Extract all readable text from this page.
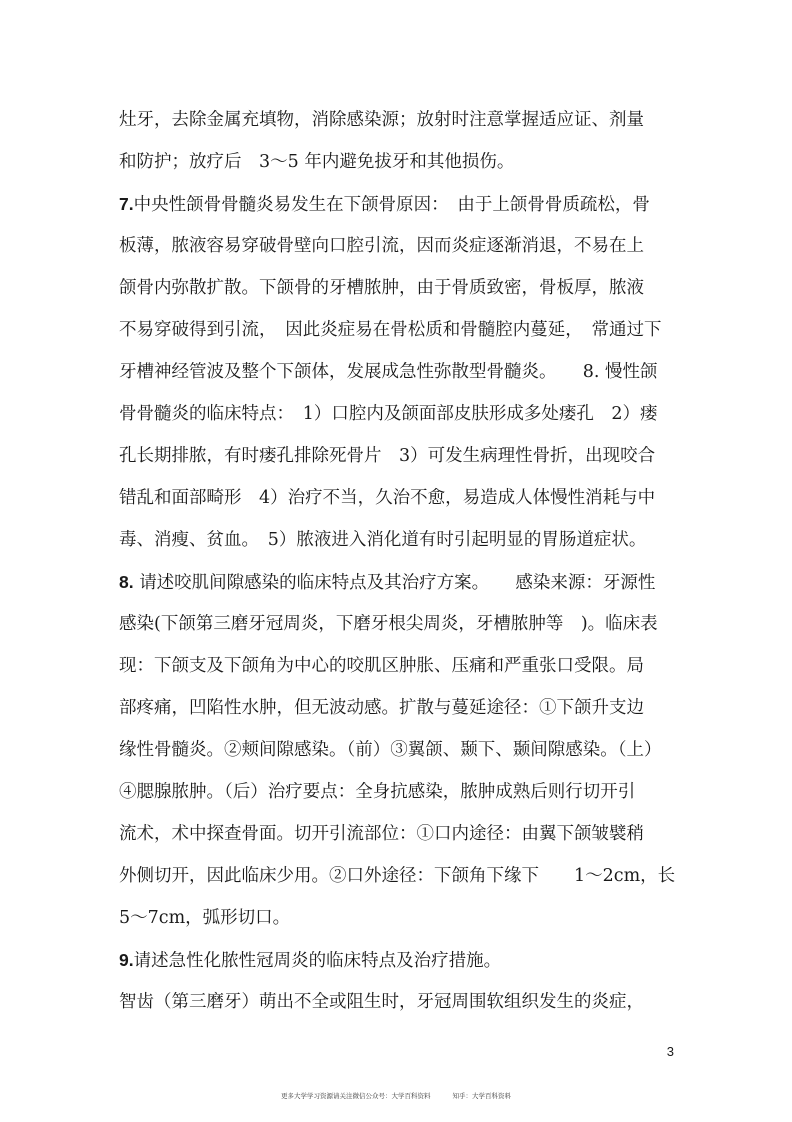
灶牙，去除金属充填物，消除感染源；放射时注意掌握适应证、剂量
和防护；放疗后　3～5 年内避免拔牙和其他损伤。
7.中央性颌骨骨髓炎易发生在下颌骨原因：　由于上颌骨骨质疏松，骨
板薄，脓液容易穿破骨壁向口腔引流，因而炎症逐渐消退，不易在上
颌骨内弥散扩散。下颌骨的牙槽脓肿，由于骨质致密，骨板厚，脓液
不易穿破得到引流，　因此炎症易在骨松质和骨髓腔内蔓延，　常通过下
牙槽神经管波及整个下颌体，发展成急性弥散型骨髓炎。　　8. 慢性颌
骨骨髓炎的临床特点：　1）口腔内及颌面部皮肤形成多处瘘孔　2）瘘
孔长期排脓，有时瘘孔排除死骨片　3）可发生病理性骨折，出现咬合
错乱和面部畸形　4）治疗不当，久治不愈，易造成人体慢性消耗与中
毒、消瘦、贫血。　5）脓液进入消化道有时引起明显的胃肠道症状。
8. 请述咬肌间隙感染的临床特点及其治疗方案。　　感染来源：牙源性
感染(下颌第三磨牙冠周炎，下磨牙根尖周炎，牙槽脓肿等　)。临床表
现：下颌支及下颌角为中心的咬肌区肿胀、压痛和严重张口受限。局
部疼痛，凹陷性水肿，但无波动感。扩散与蔓延途径：①下颌升支边
缘性骨髓炎。②颊间隙感染。（前）③翼颌、颞下、颞间隙感染。（上）
④腮腺脓肿。（后）治疗要点：全身抗感染，脓肿成熟后则行切开引
流术，术中探查骨面。切开引流部位：①口内途径：由翼下颌皱襞稍
外侧切开，因此临床少用。②口外途径：下颌角下缘下　　1～2cm，长
5～7cm，弧形切口。
9.请述急性化脓性冠周炎的临床特点及治疗措施。
智齿（第三磨牙）萌出不全或阻生时，牙冠周围软组织发生的炎症，
3
更多大学学习资源请关注微信公众号：大学百科资料	知乎：大学百科资料
